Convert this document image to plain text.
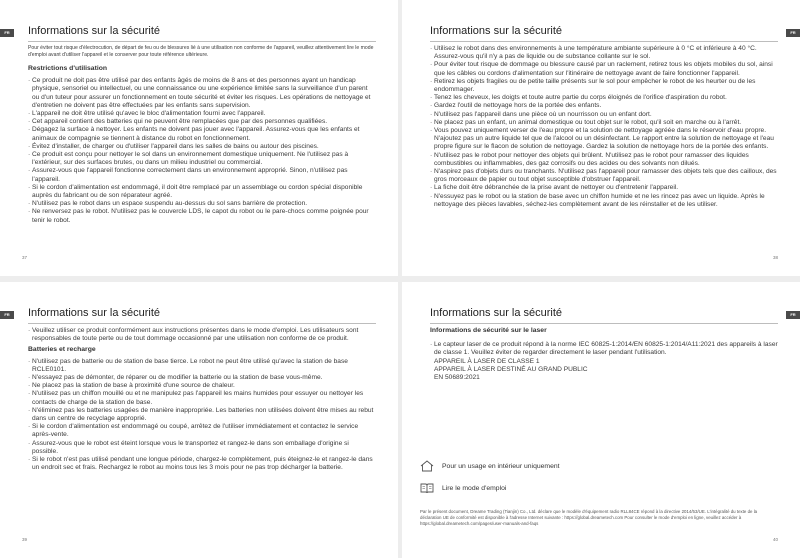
FR	Informations sur la sécurité

Pour éviter tout risque d'électrocution, de départ de feu ou de blessures lié à une utilisation non conforme de l'appareil, veuillez attentivement lire le mode d'emploi avant d'utiliser l'appareil et le conserver pour toute référence ultérieure.

Restrictions d'utilisation

· Ce produit ne doit pas être utilisé par des enfants âgés de moins de 8 ans et des personnes ayant un handicap physique, sensoriel ou intellectuel, ou une connaissance ou une expérience limitée sans la surveillance d'un parent ou d'un tuteur pour assurer un fonctionnement en toute sécurité et éviter les risques. Les opérations de nettoyage et d'entretien ne doivent pas être effectuées par les enfants sans supervision.
· L'appareil ne doit être utilisé qu'avec le bloc d'alimentation fourni avec l'appareil.
· Cet appareil contient des batteries qui ne peuvent être remplacées que par des personnes qualifiées.
· Dégagez la surface à nettoyer. Les enfants ne doivent pas jouer avec l'appareil. Assurez-vous que les enfants et animaux de compagnie se tiennent à distance du robot en fonctionnement.
· Évitez d'installer, de charger ou d'utiliser l'appareil dans les salles de bains ou autour des piscines.
· Ce produit est conçu pour nettoyer le sol dans un environnement domestique uniquement. Ne l'utilisez pas à l'extérieur, sur des surfaces brutes, ou dans un milieu industriel ou commercial.
· Assurez-vous que l'appareil fonctionne correctement dans un environnement approprié. Sinon, n'utilisez pas l'appareil.
· Si le cordon d'alimentation est endommagé, il doit être remplacé par un assemblage ou cordon spécial disponible auprès du fabricant ou de son réparateur agréé.
· N'utilisez pas le robot dans un espace suspendu au-dessus du sol sans barrière de protection.
· Ne renversez pas le robot. N'utilisez pas le couvercle LDS, le capot du robot ou le pare-chocs comme poignée pour tenir le robot.
37
FR
Informations sur la sécurité
· Utilisez le robot dans des environnements à une température ambiante supérieure à 0 °C et inférieure à 40 °C. Assurez-vous qu'il n'y a pas de liquide ou de substance collante sur le sol.
· Pour éviter tout risque de dommage ou blessure causé par un raclement, retirez tous les objets mobiles du sol, ainsi que les câbles ou cordons d'alimentation sur l'itinéraire de nettoyage avant de faire fonctionner l'appareil.
· Retirez les objets fragiles ou de petite taille présents sur le sol pour empêcher le robot de les heurter ou de les endommager.
· Tenez les cheveux, les doigts et toute autre partie du corps éloignés de l'orifice d'aspiration du robot.
· Gardez l'outil de nettoyage hors de la portée des enfants.
· N'utilisez pas l'appareil dans une pièce où un nourrisson ou un enfant dort.
· Ne placez pas un enfant, un animal domestique ou tout objet sur le robot, qu'il soit en marche ou à l'arrêt.
· Vous pouvez uniquement verser de l'eau propre et la solution de nettoyage agréée dans le réservoir d'eau propre. N'ajoutez pas un autre liquide tel que de l'alcool ou un désinfectant. Le rapport entre la solution de nettoyage et l'eau propre figure sur le flacon de solution de nettoyage. Gardez la solution de nettoyage hors de la portée des enfants.
· N'utilisez pas le robot pour nettoyer des objets qui brûlent. N'utilisez pas le robot pour ramasser des liquides combustibles ou inflammables, des gaz corrosifs ou des acides ou des solvants non dilués.
· N'aspirez pas d'objets durs ou tranchants. N'utilisez pas l'appareil pour ramasser des objets tels que des cailloux, des gros morceaux de papier ou tout objet susceptible d'obstruer l'appareil.
· La fiche doit être débranchée de la prise avant de nettoyer ou d'entretenir l'appareil.
· N'essuyez pas le robot ou la station de base avec un chiffon humide et ne les rincez pas avec un liquide. Après le nettoyage des pièces lavables, séchez-les complètement avant de les réinstaller et de les utiliser.
38
FR	Informations sur la sécurité
· Veuillez utiliser ce produit conformément aux instructions présentes dans le mode d'emploi. Les utilisateurs sont responsables de toute perte ou de tout dommage occasionné par une utilisation non conforme de ce produit.

Batteries et recharge

· N'utilisez pas de batterie ou de station de base tierce. Le robot ne peut être utilisé qu'avec la station de base RCLE0101.
· N'essayez pas de démonter, de réparer ou de modifier la batterie ou la station de base vous-même.
· Ne placez pas la station de base à proximité d'une source de chaleur.
· N'utilisez pas un chiffon mouillé ou et ne manipulez pas l'appareil les mains humides pour essuyer ou nettoyer les contacts de charge de la station de base.
· N'éliminez pas les batteries usagées de manière inappropriée. Les batteries non utilisées doivent être mises au rebut dans un centre de recyclage approprié.
· Si le cordon d'alimentation est endommagé ou coupé, arrêtez de l'utiliser immédiatement et contactez le service après-vente.
· Assurez-vous que le robot est éteint lorsque vous le transportez et rangez-le dans son emballage d'origine si possible.
· Si le robot n'est pas utilisé pendant une longue période, chargez-le complètement, puis éteignez-le et rangez-le dans un endroit sec et frais. Rechargez le robot au moins tous les 3 mois pour ne pas trop décharger la batterie.
39
FR
Informations sur la sécurité

Informations de sécurité sur le laser

· Le capteur laser de ce produit répond à la norme IEC 60825-1:2014/EN 60825-1:2014/A11:2021 des appareils à laser de classe 1. Veuillez éviter de regarder directement le laser pendant l'utilisation.
APPAREIL À LASER DE CLASSE 1
APPAREIL À LASER DESTINÉ AU GRAND PUBLIC
EN 50689:2021
Pour un usage en intérieur uniquement
Lire le mode d'emploi

Par le présent document, Dreame Trading (Tianjin) Co., Ltd. déclare que le modèle d'équipement radio RLL84CE répond à la directive 2014/53/UE. L'intégralité du texte de la déclaration UE de conformité est disponible à l'adresse Internet suivante : https://global.dreametech.com Pour consulter le mode d'emploi en ligne, veuillez accéder à https://global.dreametech.com/pages/user-manuals-and-faqs

40
